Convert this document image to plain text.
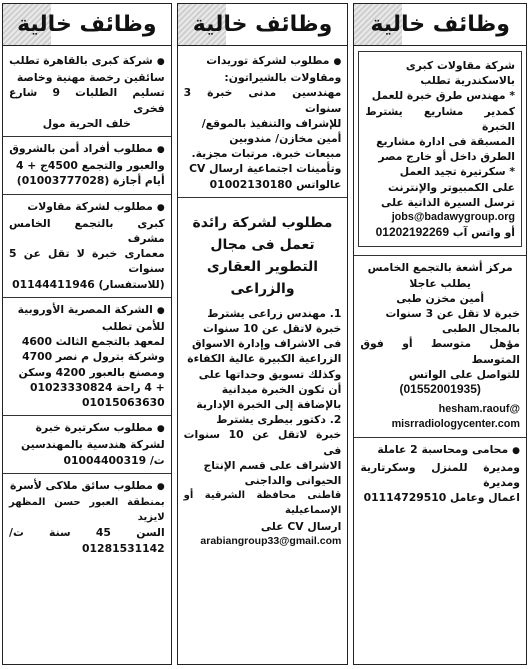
وظائف خالية
شركة مقاولات كبرى
بالاسكندرية تطلب
* مهندس طرق خبرة للعمل
كمدير مشاريع يشترط الخبرة
المسبقة فى ادارة مشاريع
الطرق داخل أو خارج مصر
* سكرتيرة تجيد العمل
على الكمبيوتر والإنترنت
ترسل السيرة الذاتية على
jobs@badawygroup.org
أو واتس آب 01202192269
مركز أشعة بالتجمع الخامس
يطلب عاجلا
أمين مخزن طبى
خبرة لا تقل عن 3 سنوات
بالمجال الطبى
مؤهل متوسط أو فوق المتوسط
للتواصل على الواتس
(01552001935)
hesham.raouf@
misrradiologycenter.com
● محامى ومحاسبة 2 عاملة
ومديرة للمنزل وسكرتارية ومديرة
اعمال وعامل 01114729510
وظائف خالية
● مطلوب لشركة توريدات
ومقاولات بالشيراتون:
مهندسين مدنى خبرة 3 سنوات
للإشراف والتنفيذ بالموقع/
أمين مخازن/ مندوبين
مبيعات خبرة. مرتبات مجزية.
وتأمينات اجتماعية ارسال CV
عالواتس 01002130180
مطلوب لشركة رائدة تعمل فى مجال التطوير العقارى والزراعى
1. مهندس زراعى يشترط
خبرة لاتقل عن 10 سنوات
فى الاشراف وإدارة الاسواق
الزراعية الكبيرة عالية الكفاءة
وكذلك تسويق وحداتها على
أن تكون الخبرة ميدانية
بالإضافة إلى الخبرة الإدارية
2. دكتور بيطرى يشترط
خبرة لاتقل عن 10 سنوات فى
الاشراف على قسم الإنتاج
الحيوانى والداجنى
قاطنى محافظة الشرقية أو الإسماعيلية
ارسال CV على
arabiangroup33@gmail.com
وظائف خالية
● شركة كبرى بالقاهرة تطلب
سائقين رخصة مهنية وخاصة
تسليم الطلبات 9 شارع فخرى
خلف الحرية مول
● مطلوب أفراد أمن بالشروق
والعبور والتجمع 4500ج + 4
أيام أجازة (01003777028)
● مطلوب لشركة مقاولات
كبرى بالتجمع الخامس مشرف
معمارى خبرة لا تقل عن 5 سنوات
(للاستفسار) 01144411946
● الشركة المصرية الأوروبية
للأمن تطلب
لمعهد بالتجمع الثالث 4600
وشركة بترول م نصر 4700
ومصنع بالعبور 4200 وسكن
+ 4 راحة 01023330824
01015063630
● مطلوب سكرتيرة خبرة
لشركة هندسية بالمهندسين
ت/ 01004400319
● مطلوب سائق ملاكى لأسرة
بمنطقة العبور حسن المظهر لايزيد
السن 45 سنة ت/ 01281531142
